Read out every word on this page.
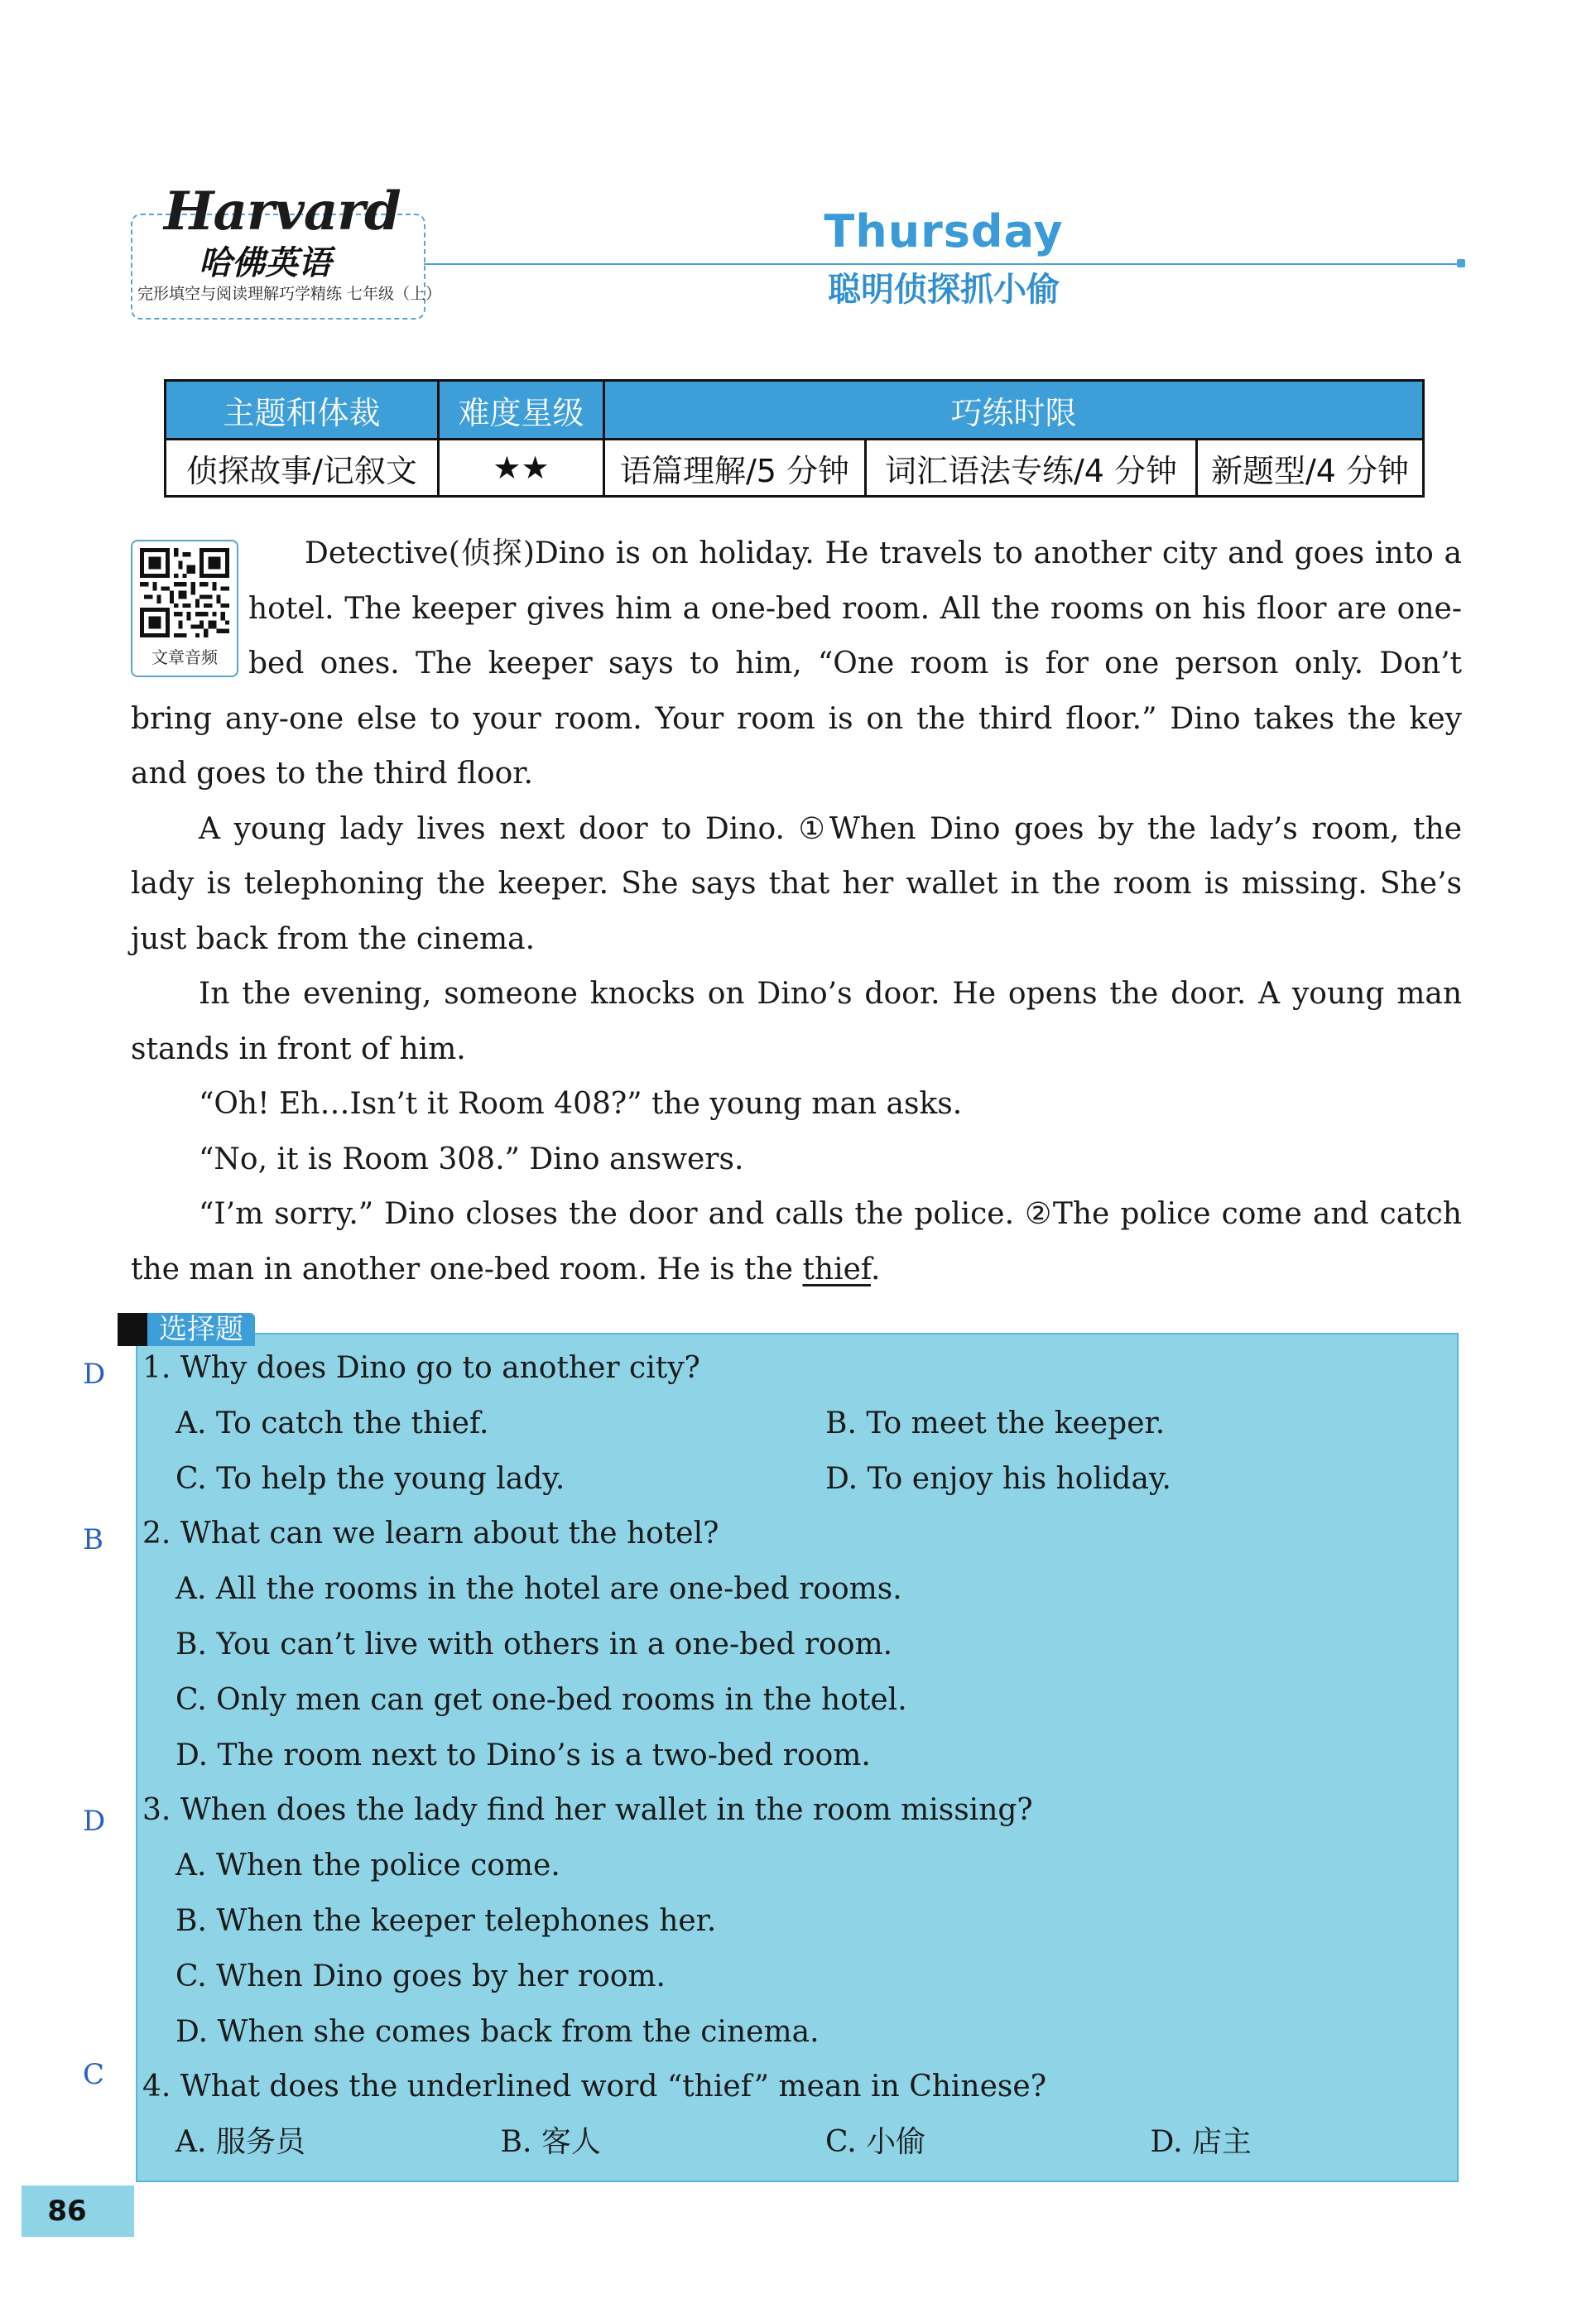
Harvard
哈佛英语
完形填空与阅读理解巧学精练 七年级（上）
Thursday
聪明侦探抓小偷
主题和体裁	难度星级	巧练时限		
侦探故事/记叙文	★★	语篇理解/5 分钟	词汇语法专练/4 分钟	新题型/4 分钟
文章音频

Detective(侦探)Dino is on holiday. He travels to another city and goes into a hotel. The keeper gives him a one-bed room. All the rooms on his floor are one-bed ones. The keeper says to him, “One room is for one person only. Don’t bring any-one else to your room. Your room is on the third floor.” Dino takes the key and goes to the third floor.

A young lady lives next door to Dino. ①When Dino goes by the lady’s room, the lady is telephoning the keeper. She says that her wallet in the room is missing. She’s just back from the cinema.

In the evening, someone knocks on Dino’s door. He opens the door. A young man stands in front of him.

“Oh! Eh…Isn’t it Room 408?” the young man asks.

“No, it is Room 308.” Dino answers.

“I’m sorry.” Dino closes the door and calls the police. ②The police come and catch the man in another one-bed room. He is the thief.

选择题
D
B
D
C
1. Why does Dino go to another city?
A. To catch the thief.	B. To meet the keeper.
C. To help the young lady.	D. To enjoy his holiday.
2. What can we learn about the hotel?
A. All the rooms in the hotel are one-bed rooms.
B. You can’t live with others in a one-bed room.
C. Only men can get one-bed rooms in the hotel.
D. The room next to Dino’s is a two-bed room.
3. When does the lady find her wallet in the room missing?
A. When the police come.
B. When the keeper telephones her.
C. When Dino goes by her room.
D. When she comes back from the cinema.
4. What does the underlined word “thief” mean in Chinese?
A. 服务员	B. 客人	C. 小偷	D. 店主
86
